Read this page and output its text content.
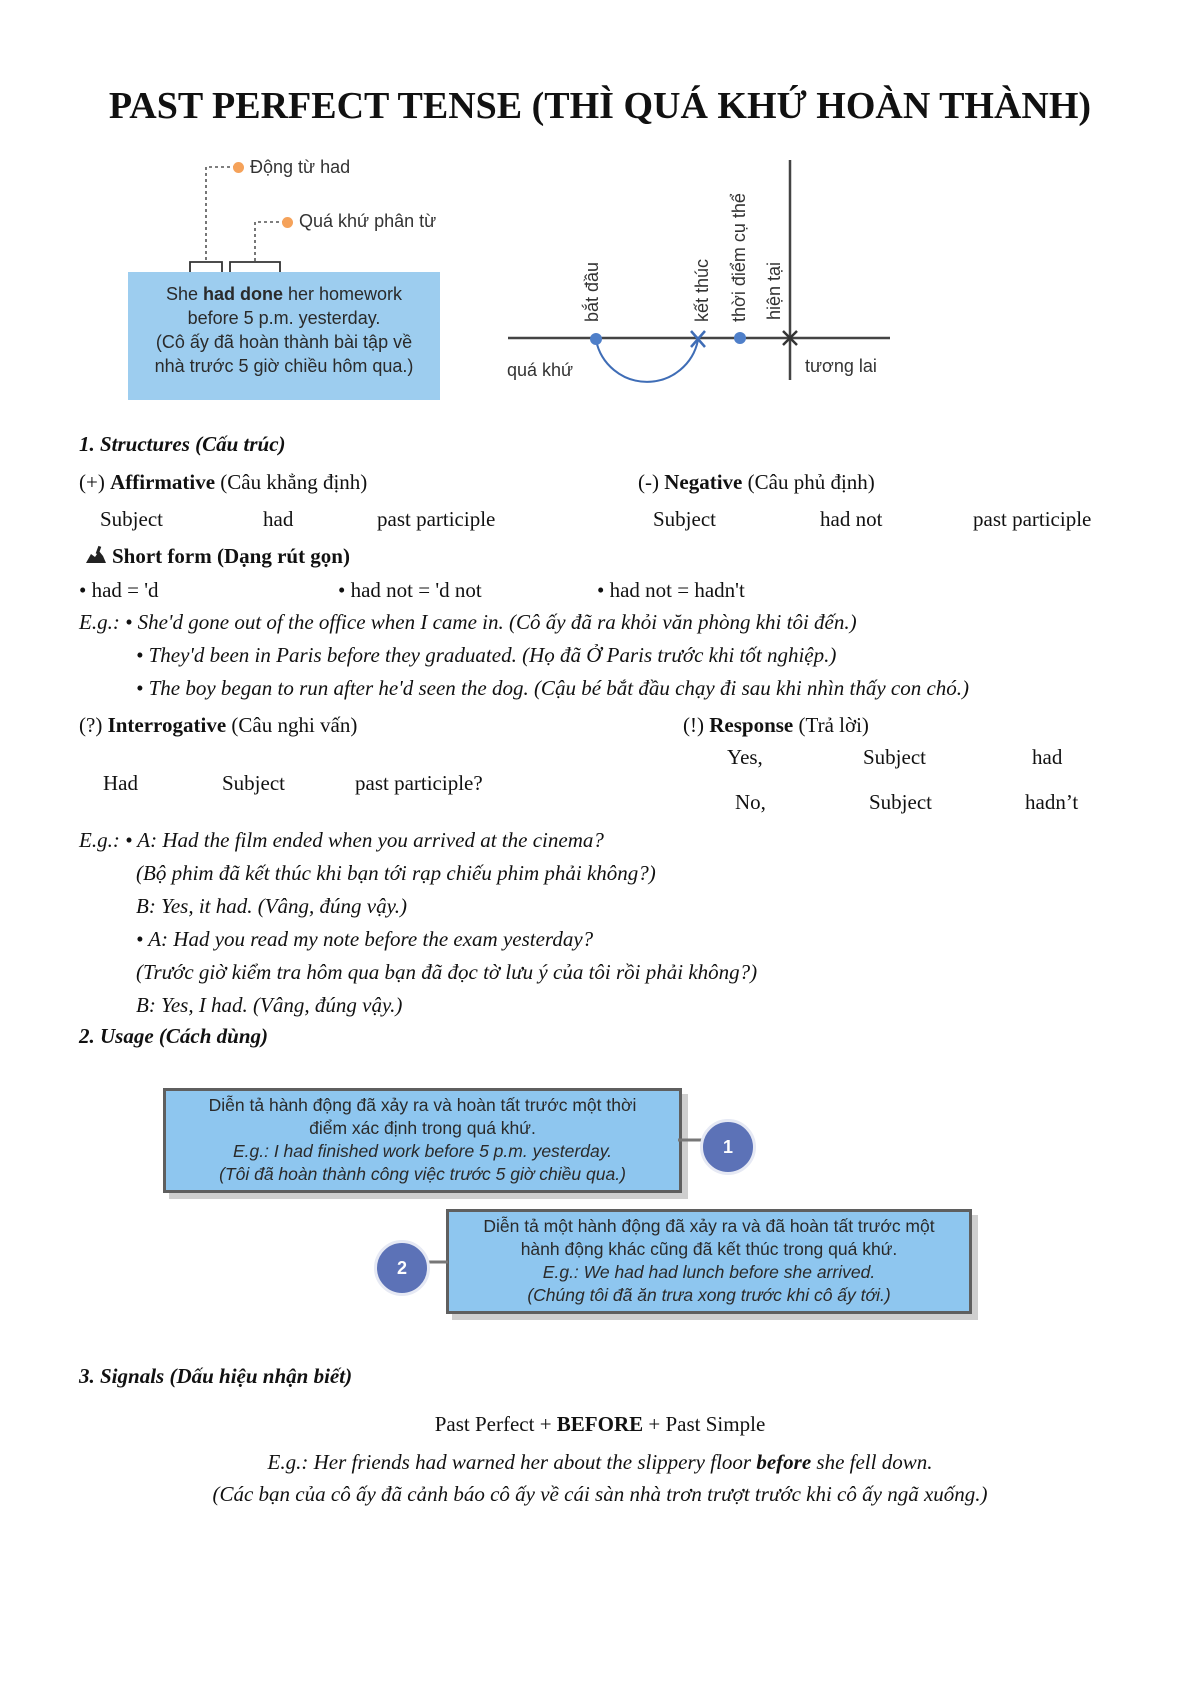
PAST PERFECT TENSE (THÌ QUÁ KHỨ HOÀN THÀNH)
Động từ had
Quá khứ phân từ
She had done her homework
before 5 p.m. yesterday.
(Cô ấy đã hoàn thành bài tập về
nhà trước 5 giờ chiều hôm qua.)	quá khứ	tương lai
bắt đầu	kết thúc thời điểm cụ thể hiện tại
1. Structures (Cấu trúc)
(+) Affirmative (Câu khẳng định)	(-) Negative (Câu phủ định)
Subject	had	past participle	Subject	had not	past participle
Short form (Dạng rút gọn)
• had = 'd	• had not = 'd not	• had not = hadn't
E.g.: • She'd gone out of the office when I came in. (Cô ấy đã ra khỏi văn phòng khi tôi đến.)
• They'd been in Paris before they graduated. (Họ đã Ở Paris trước khi tốt nghiệp.)
• The boy began to run after he'd seen the dog. (Cậu bé bắt đầu chạy đi sau khi nhìn thấy con chó.)
(?) Interrogative (Câu nghi vấn)	(!) Response (Trả lời)
Had	Subject	past participle?
Yes,	Subject	had
No,	Subject	hadn’t
E.g.: • A: Had the film ended when you arrived at the cinema?
(Bộ phim đã kết thúc khi bạn tới rạp chiếu phim phải không?)
B: Yes, it had. (Vâng, đúng vậy.)
• A: Had you read my note before the exam yesterday?
(Trước giờ kiểm tra hôm qua bạn đã đọc tờ lưu ý của tôi rồi phải không?)
B: Yes, I had. (Vâng, đúng vậy.)
2. Usage (Cách dùng)
Diễn tả hành động đã xảy ra và hoàn tất trước một thời
điểm xác định trong quá khứ.
E.g.: I had finished work before 5 p.m. yesterday.
(Tôi đã hoàn thành công việc trước 5 giờ chiều qua.)
1
Diễn tả một hành động đã xảy ra và đã hoàn tất trước một
hành động khác cũng đã kết thúc trong quá khứ.
E.g.: We had had lunch before she arrived.
(Chúng tôi đã ăn trưa xong trước khi cô ấy tới.)
2
3. Signals (Dấu hiệu nhận biết)
Past Perfect + BEFORE + Past Simple
E.g.: Her friends had warned her about the slippery floor before she fell down.
(Các bạn của cô ấy đã cảnh báo cô ấy về cái sàn nhà trơn trượt trước khi cô ấy ngã xuống.)
